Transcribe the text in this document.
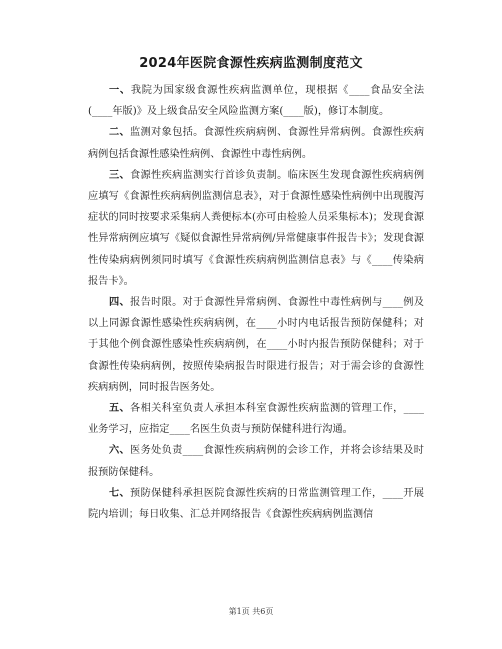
2024年医院食源性疾病监测制度范文

一、我院为国家级食源性疾病监测单位，现根据《____食品安全法(____年版)》及上级食品安全风险监测方案(____版)，修订本制度。

二、监测对象包括。食源性疾病病例、食源性异常病例。食源性疾病病例包括食源性感染性病例、食源性中毒性病例。

三、食源性疾病监测实行首诊负责制。临床医生发现食源性疾病病例应填写《食源性疾病病例监测信息表》，对于食源性感染性病例中出现腹泻症状的同时按要求采集病人粪便标本(亦可由检验人员采集标本)；发现食源性异常病例应填写《疑似食源性异常病例/异常健康事件报告卡》；发现食源性传染病病例须同时填写《食源性疾病病例监测信息表》与《____传染病报告卡》。

四、报告时限。对于食源性异常病例、食源性中毒性病例与____例及以上同源食源性感染性疾病病例，在____小时内电话报告预防保健科；对于其他个例食源性感染性疾病病例，在____小时内报告预防保健科；对于食源性传染病病例，按照传染病报告时限进行报告；对于需会诊的食源性疾病病例，同时报告医务处。

五、各相关科室负责人承担本科室食源性疾病监测的管理工作，____业务学习，应指定____名医生负责与预防保健科进行沟通。

六、医务处负责____食源性疾病病例的会诊工作，并将会诊结果及时报预防保健科。

七、预防保健科承担医院食源性疾病的日常监测管理工作，____开展院内培训；每日收集、汇总并网络报告《食源性疾病病例监测信

第1页 共6页
